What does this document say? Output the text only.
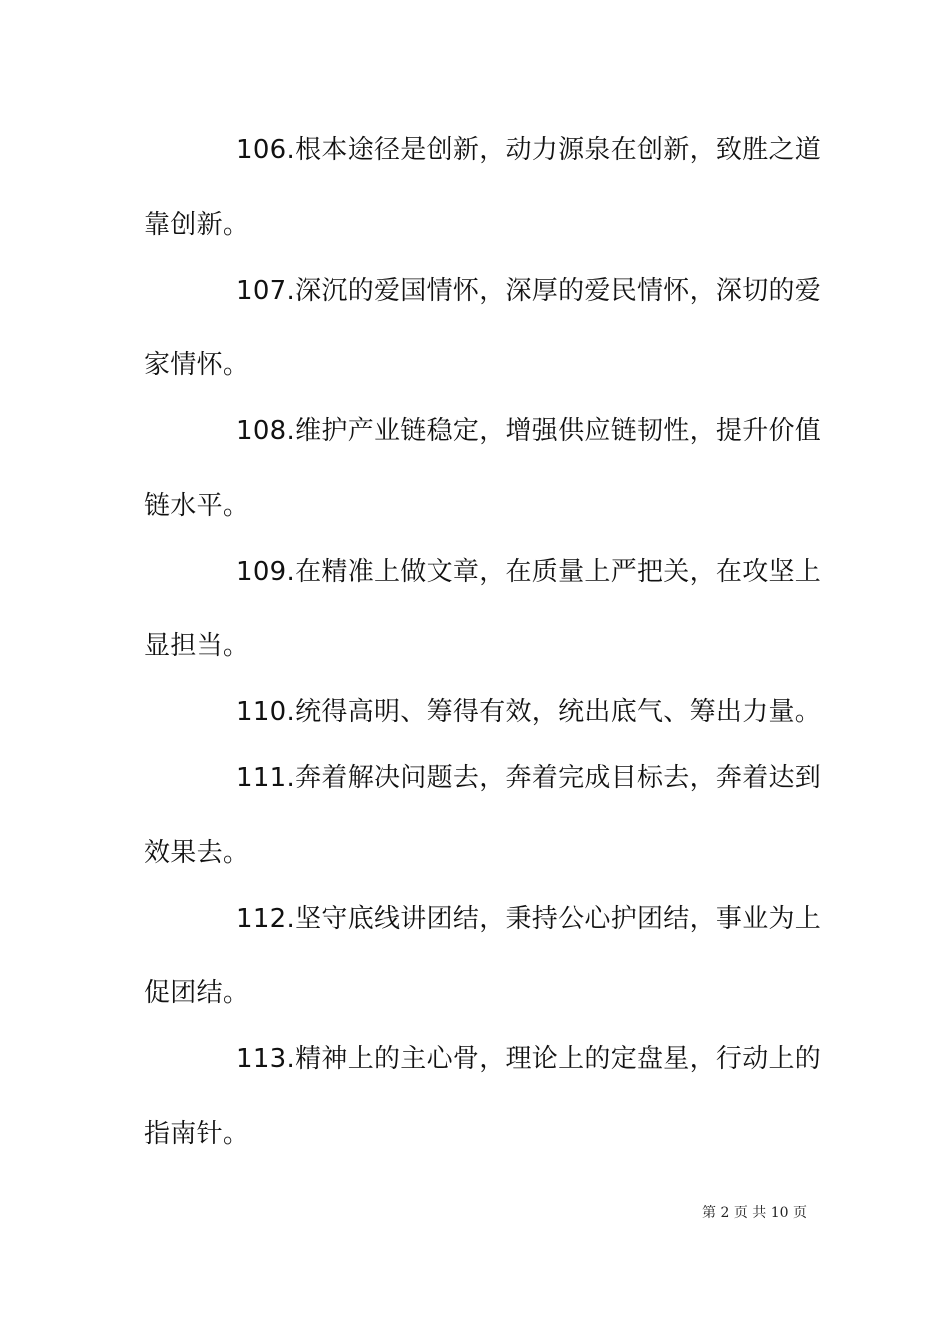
106.根本途径是创新，动力源泉在创新，致胜之道
靠创新。
107.深沉的爱国情怀，深厚的爱民情怀，深切的爱
家情怀。
108.维护产业链稳定，增强供应链韧性，提升价值
链水平。
109.在精准上做文章，在质量上严把关，在攻坚上
显担当。
110.统得高明、筹得有效，统出底气、筹出力量。
111.奔着解决问题去，奔着完成目标去，奔着达到
效果去。
112.坚守底线讲团结，秉持公心护团结，事业为上
促团结。
113.精神上的主心骨，理论上的定盘星，行动上的
指南针。
第 2 页 共 10 页
